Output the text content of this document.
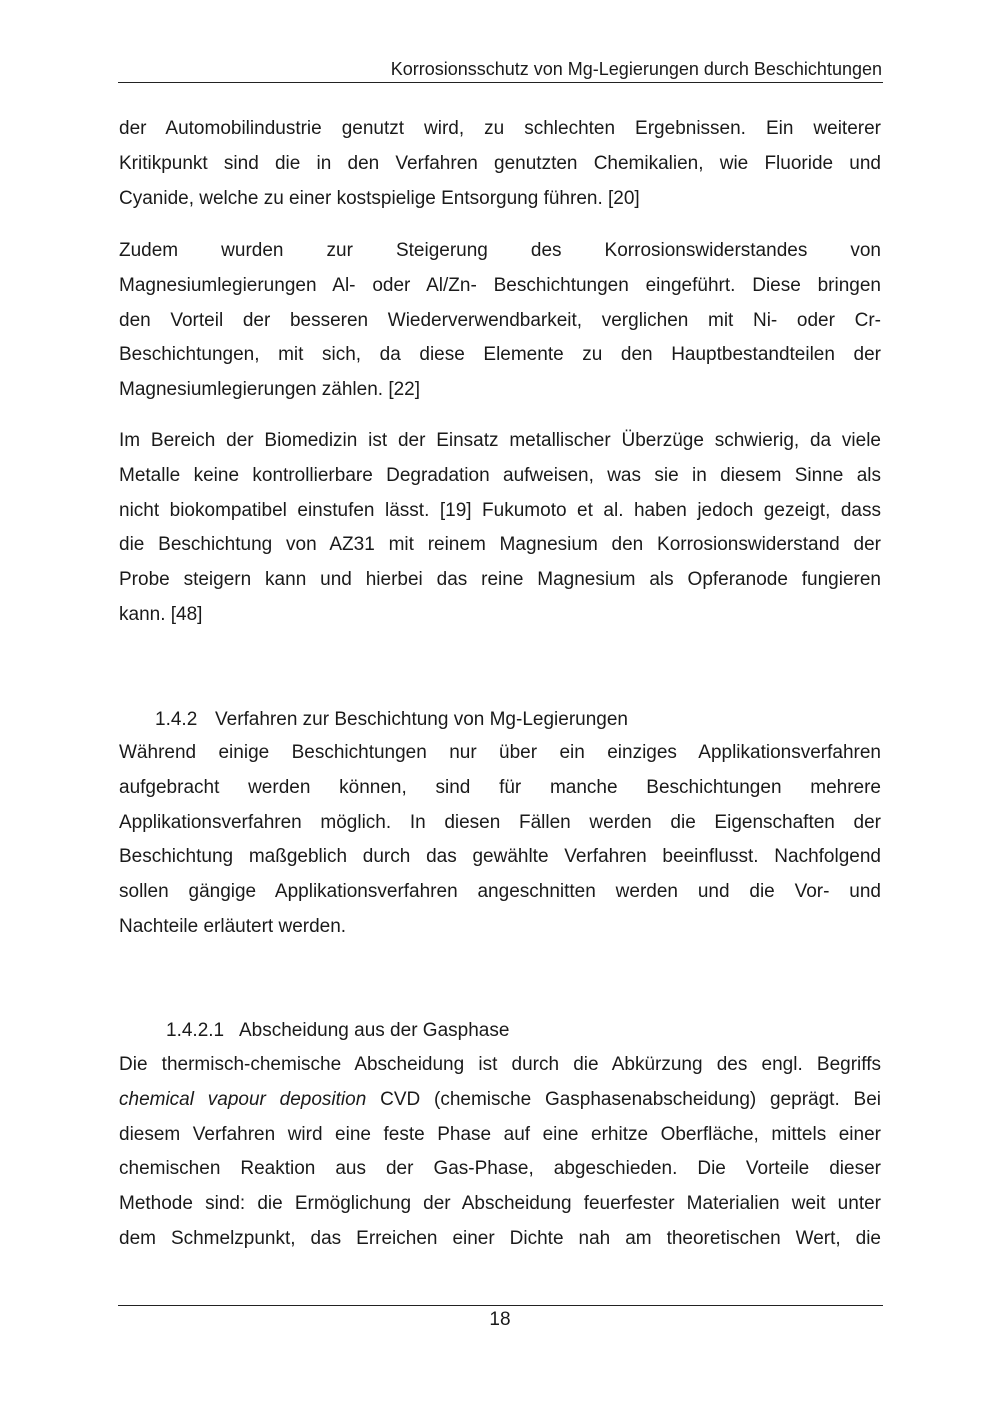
Korrosionsschutz von Mg-Legierungen durch Beschichtungen
der Automobilindustrie genutzt wird, zu schlechten Ergebnissen. Ein weiterer
Kritikpunkt sind die in den Verfahren genutzten Chemikalien, wie Fluoride und
Cyanide, welche zu einer kostspielige Entsorgung führen. [20]
Zudem wurden zur Steigerung des Korrosionswiderstandes von
Magnesiumlegierungen Al- oder Al/Zn- Beschichtungen eingeführt. Diese bringen
den Vorteil der besseren Wiederverwendbarkeit, verglichen mit Ni- oder Cr-
Beschichtungen, mit sich, da diese Elemente zu den Hauptbestandteilen der
Magnesiumlegierungen zählen. [22]
Im Bereich der Biomedizin ist der Einsatz metallischer Überzüge schwierig, da viele
Metalle keine kontrollierbare Degradation aufweisen, was sie in diesem Sinne als
nicht biokompatibel einstufen lässt. [19] Fukumoto et al. haben jedoch gezeigt, dass
die Beschichtung von AZ31 mit reinem Magnesium den Korrosionswiderstand der
Probe steigern kann und hierbei das reine Magnesium als Opferanode fungieren
kann. [48]
1.4.2 Verfahren zur Beschichtung von Mg-Legierungen
Während einige Beschichtungen nur über ein einziges Applikationsverfahren
aufgebracht werden können, sind für manche Beschichtungen mehrere
Applikationsverfahren möglich. In diesen Fällen werden die Eigenschaften der
Beschichtung maßgeblich durch das gewählte Verfahren beeinflusst. Nachfolgend
sollen gängige Applikationsverfahren angeschnitten werden und die Vor- und
Nachteile erläutert werden.
1.4.2.1 Abscheidung aus der Gasphase
Die thermisch-chemische Abscheidung ist durch die Abkürzung des engl. Begriffs
chemical vapour deposition CVD (chemische Gasphasenabscheidung) geprägt. Bei
diesem Verfahren wird eine feste Phase auf eine erhitze Oberfläche, mittels einer
chemischen Reaktion aus der Gas-Phase, abgeschieden. Die Vorteile dieser
Methode sind: die Ermöglichung der Abscheidung feuerfester Materialien weit unter
dem Schmelzpunkt, das Erreichen einer Dichte nah am theoretischen Wert, die
18
